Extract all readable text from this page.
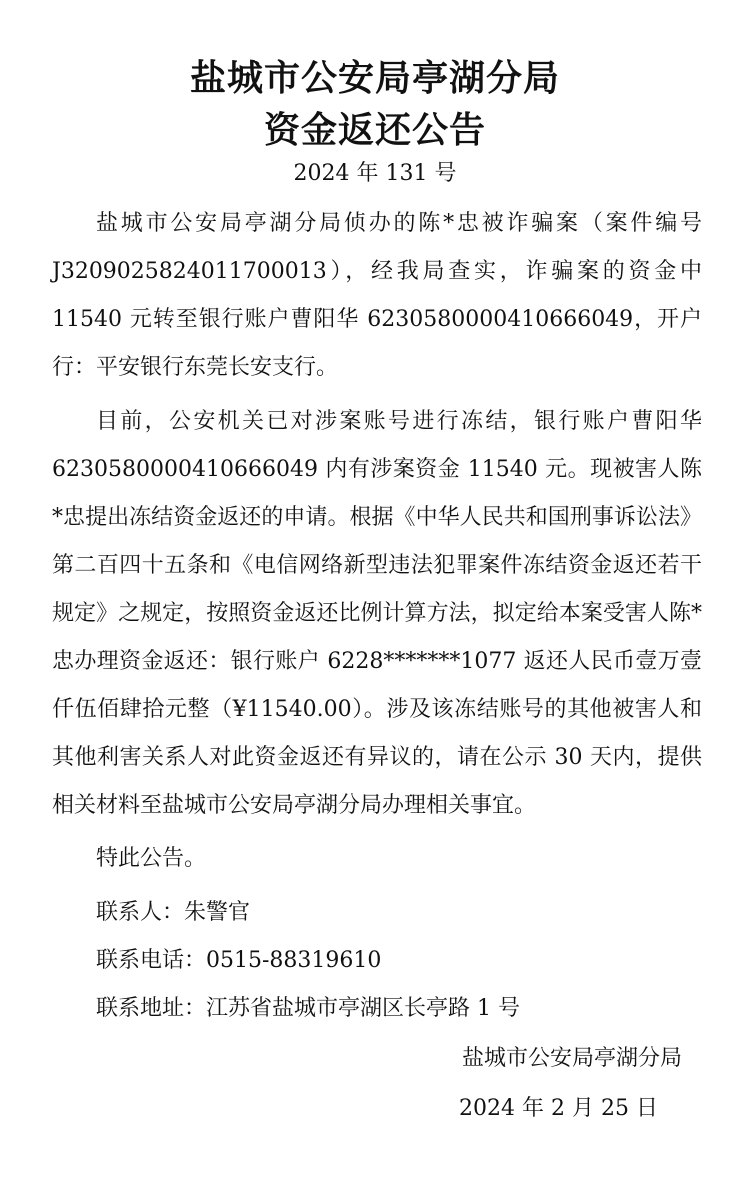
盐城市公安局亭湖分局
资金返还公告
2024 年 131 号
盐城市公安局亭湖分局侦办的陈*忠被诈骗案（案件编号J3209025824011700013），经我局查实，诈骗案的资金中 11540 元转至银行账户曹阳华 6230580000410666049，开户行：平安银行东莞长安支行。
目前，公安机关已对涉案账号进行冻结，银行账户曹阳华6230580000410666049 内有涉案资金 11540 元。现被害人陈*忠提出冻结资金返还的申请。根据《中华人民共和国刑事诉讼法》第二百四十五条和《电信网络新型违法犯罪案件冻结资金返还若干规定》之规定，按照资金返还比例计算方法，拟定给本案受害人陈*忠办理资金返还：银行账户 6228*******1077 返还人民币壹万壹仟伍佰肆拾元整（¥11540.00）。涉及该冻结账号的其他被害人和其他利害关系人对此资金返还有异议的，请在公示 30 天内，提供相关材料至盐城市公安局亭湖分局办理相关事宜。
特此公告。
联系人：朱警官
联系电话：0515-88319610
联系地址：江苏省盐城市亭湖区长亭路 1 号
盐城市公安局亭湖分局
2024 年 2 月 25 日
